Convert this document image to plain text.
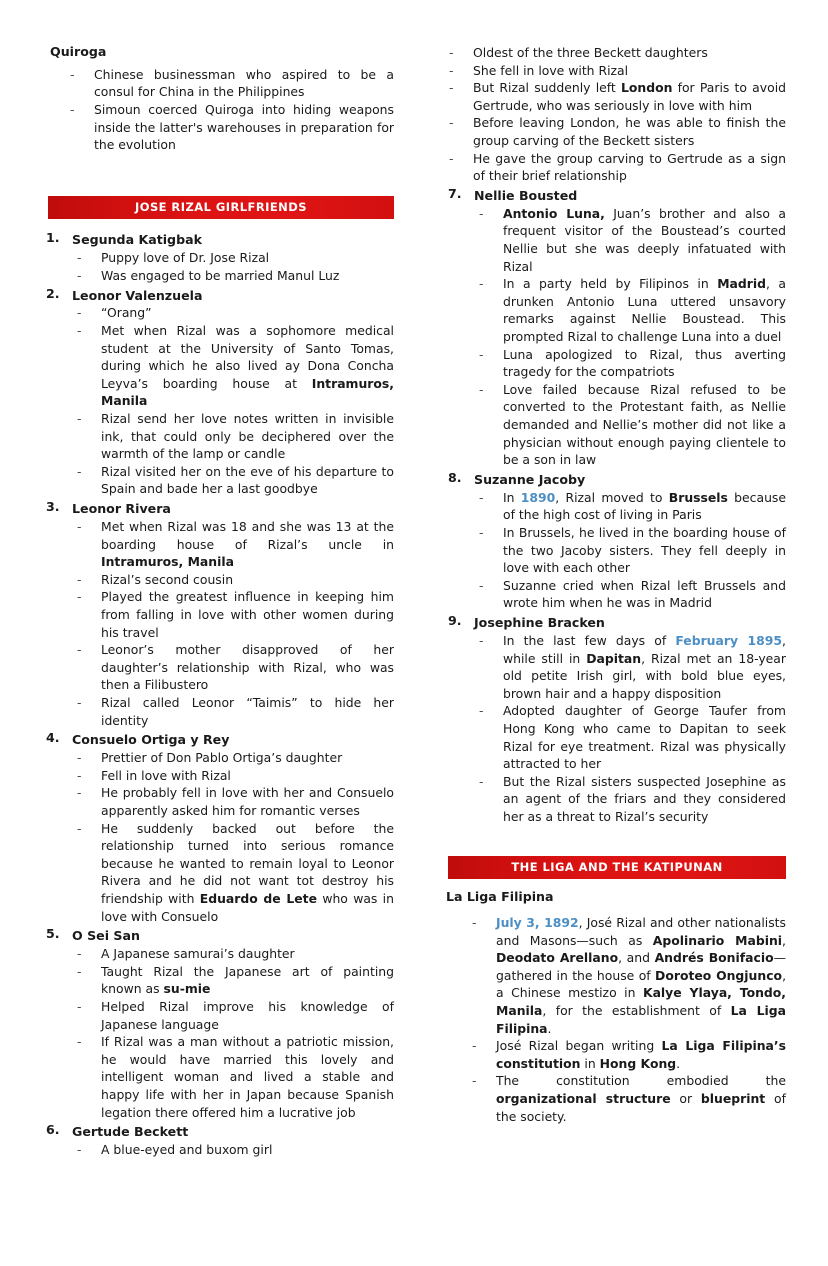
Quiroga
- Chinese businessman who aspired to be a consul for China in the Philippines
- Simoun coerced Quiroga into hiding weapons inside the latter's warehouses in preparation for the evolution
JOSE RIZAL GIRLFRIENDS
1. Segunda Katigbak
- Puppy love of Dr. Jose Rizal
- Was engaged to be married Manul Luz
2. Leonor Valenzuela
- “Orang”
- Met when Rizal was a sophomore medical student at the University of Santo Tomas, during which he also lived ay Dona Concha Leyva’s boarding house at Intramuros, Manila
- Rizal send her love notes written in invisible ink, that could only be deciphered over the warmth of the lamp or candle
- Rizal visited her on the eve of his departure to Spain and bade her a last goodbye
3. Leonor Rivera
- Met when Rizal was 18 and she was 13 at the boarding house of Rizal’s uncle in Intramuros, Manila
- Rizal’s second cousin
- Played the greatest influence in keeping him from falling in love with other women during his travel
- Leonor’s mother disapproved of her daughter’s relationship with Rizal, who was then a Filibustero
- Rizal called Leonor “Taimis” to hide her identity
4. Consuelo Ortiga y Rey
- Prettier of Don Pablo Ortiga’s daughter
- Fell in love with Rizal
- He probably fell in love with her and Consuelo apparently asked him for romantic verses
- He suddenly backed out before the relationship turned into serious romance because he wanted to remain loyal to Leonor Rivera and he did not want tot destroy his friendship with Eduardo de Lete who was in love with Consuelo
5. O Sei San
- A Japanese samurai’s daughter
- Taught Rizal the Japanese art of painting known as su-mie
- Helped Rizal improve his knowledge of Japanese language
- If Rizal was a man without a patriotic mission, he would have married this lovely and intelligent woman and lived a stable and happy life with her in Japan because Spanish legation there offered him a lucrative job
6. Gertude Beckett
- A blue-eyed and buxom girl
- Oldest of the three Beckett daughters
- She fell in love with Rizal
- But Rizal suddenly left London for Paris to avoid Gertrude, who was seriously in love with him
- Before leaving London, he was able to finish the group carving of the Beckett sisters
- He gave the group carving to Gertrude as a sign of their brief relationship
7. Nellie Bousted
- Antonio Luna, Juan’s brother and also a frequent visitor of the Boustead’s courted Nellie but she was deeply infatuated with Rizal
- In a party held by Filipinos in Madrid, a drunken Antonio Luna uttered unsavory remarks against Nellie Boustead. This prompted Rizal to challenge Luna into a duel
- Luna apologized to Rizal, thus averting tragedy for the compatriots
- Love failed because Rizal refused to be converted to the Protestant faith, as Nellie demanded and Nellie’s mother did not like a physician without enough paying clientele to be a son in law
8. Suzanne Jacoby
- In 1890, Rizal moved to Brussels because of the high cost of living in Paris
- In Brussels, he lived in the boarding house of the two Jacoby sisters. They fell deeply in love with each other
- Suzanne cried when Rizal left Brussels and wrote him when he was in Madrid
9. Josephine Bracken
- In the last few days of February 1895, while still in Dapitan, Rizal met an 18-year old petite Irish girl, with bold blue eyes, brown hair and a happy disposition
- Adopted daughter of George Taufer from Hong Kong who came to Dapitan to seek Rizal for eye treatment. Rizal was physically attracted to her
- But the Rizal sisters suspected Josephine as an agent of the friars and they considered her as a threat to Rizal’s security
THE LIGA AND THE KATIPUNAN
La Liga Filipina
- July 3, 1892, José Rizal and other nationalists and Masons—such as Apolinario Mabini, Deodato Arellano, and Andrés Bonifacio—gathered in the house of Doroteo Ongjunco, a Chinese mestizo in Kalye Ylaya, Tondo, Manila, for the establishment of La Liga Filipina.
- José Rizal began writing La Liga Filipina’s constitution in Hong Kong.
- The constitution embodied the organizational structure or blueprint of the society.
